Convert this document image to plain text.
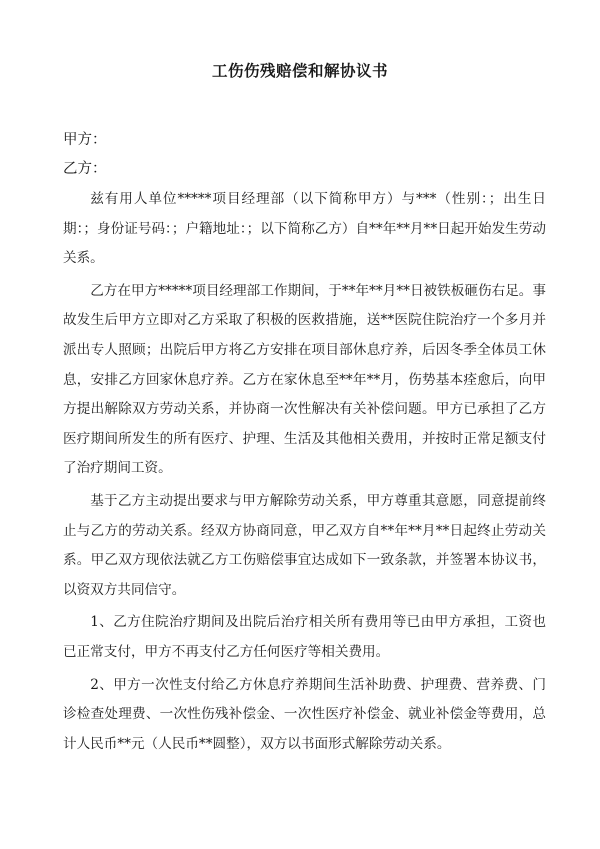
工伤伤残赔偿和解协议书
甲方：
乙方：

兹有用人单位*****项目经理部（以下简称甲方）与***（性别：；出生日期：；身份证号码：；户籍地址：；以下简称乙方）自**年**月**日起开始发生劳动关系。

乙方在甲方*****项目经理部工作期间，于**年**月**日被铁板砸伤右足。事故发生后甲方立即对乙方采取了积极的医救措施，送**医院住院治疗一个多月并派出专人照顾；出院后甲方将乙方安排在项目部休息疗养，后因冬季全体员工休息，安排乙方回家休息疗养。乙方在家休息至**年**月，伤势基本痊愈后，向甲方提出解除双方劳动关系，并协商一次性解决有关补偿问题。甲方已承担了乙方医疗期间所发生的所有医疗、护理、生活及其他相关费用，并按时正常足额支付了治疗期间工资。

基于乙方主动提出要求与甲方解除劳动关系，甲方尊重其意愿，同意提前终止与乙方的劳动关系。经双方协商同意，甲乙双方自**年**月**日起终止劳动关系。甲乙双方现依法就乙方工伤赔偿事宜达成如下一致条款，并签署本协议书，以资双方共同信守。

1、乙方住院治疗期间及出院后治疗相关所有费用等已由甲方承担，工资也已正常支付，甲方不再支付乙方任何医疗等相关费用。

2、甲方一次性支付给乙方休息疗养期间生活补助费、护理费、营养费、门诊检查处理费、一次性伤残补偿金、一次性医疗补偿金、就业补偿金等费用，总计人民币**元（人民币**圆整），双方以书面形式解除劳动关系。
